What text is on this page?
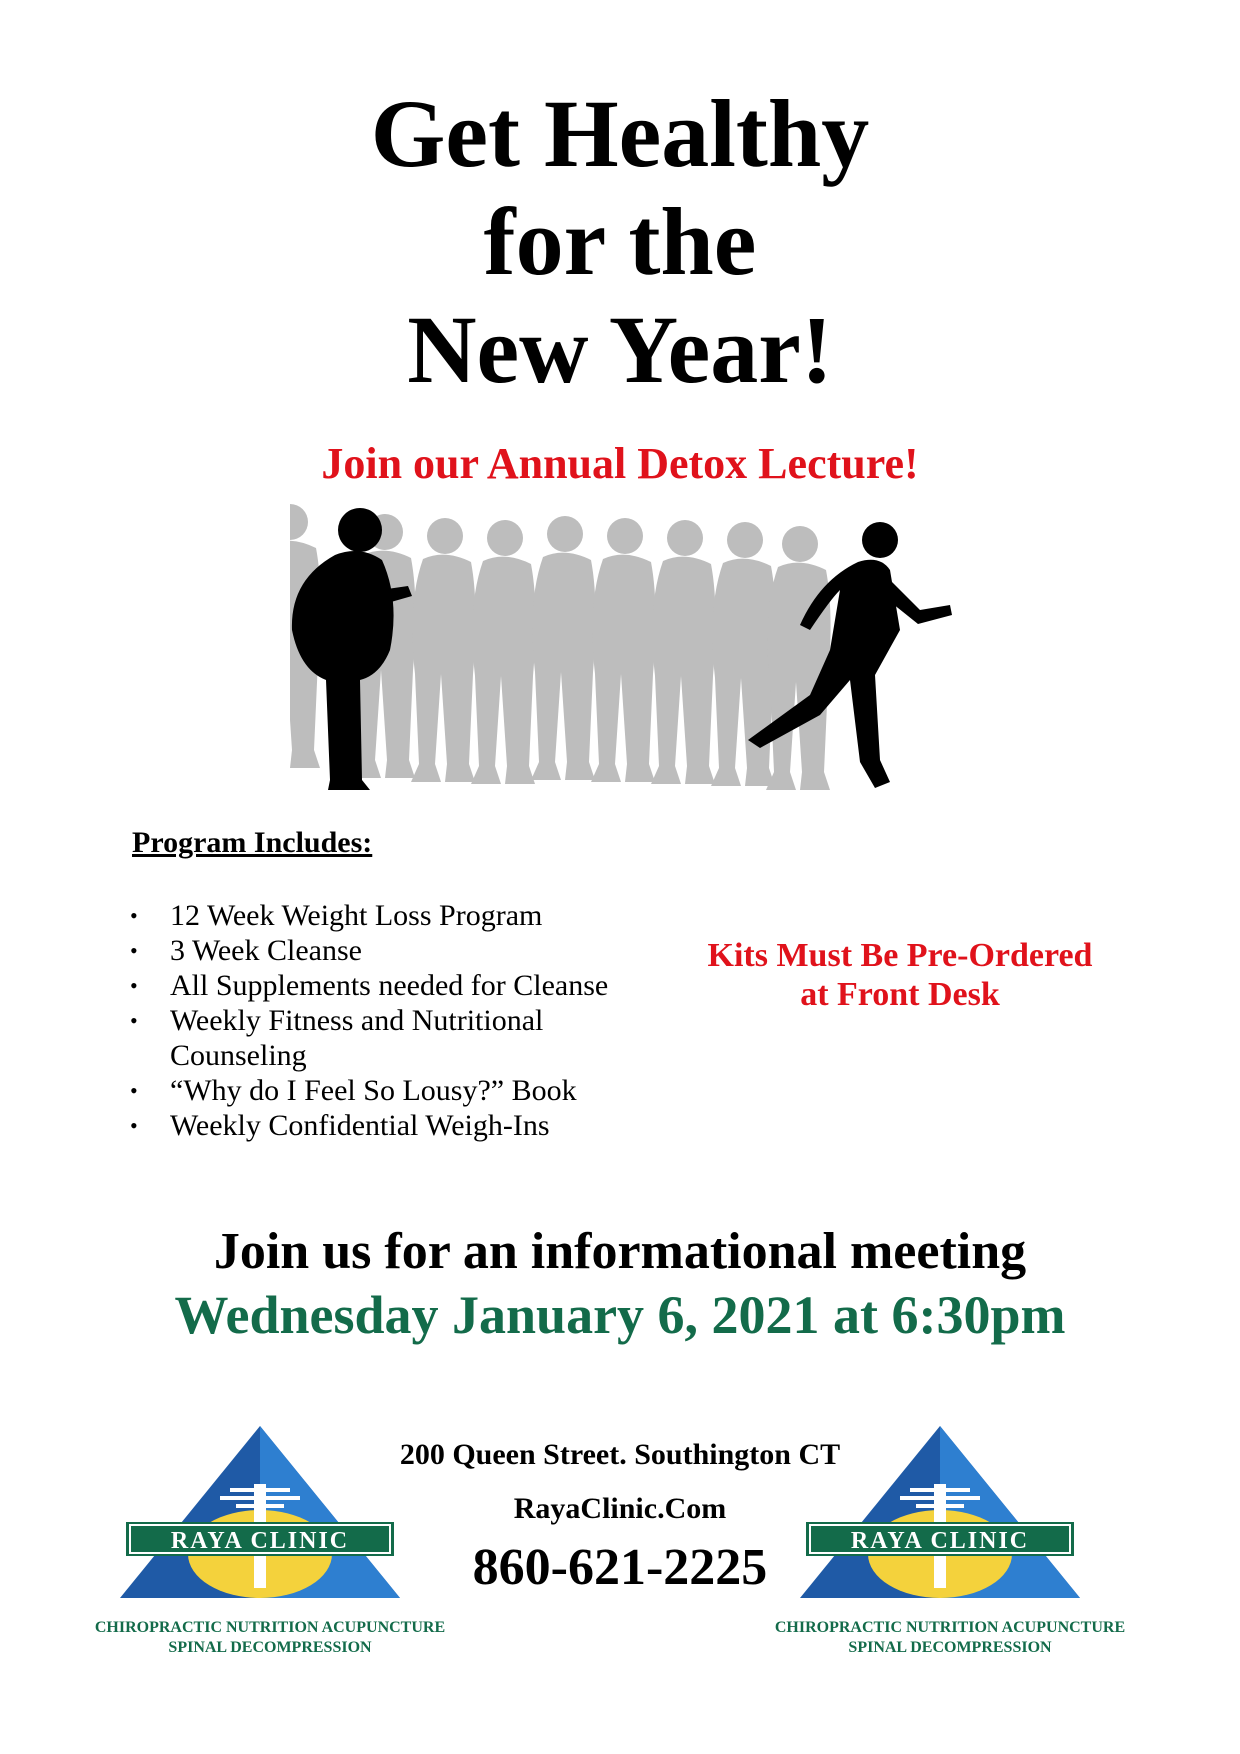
Get Healthy
for the
New Year!
Join our Annual Detox Lecture!
Program Includes:
• 12 Week Weight Loss Program
• 3 Week Cleanse
• All Supplements needed for Cleanse
• Weekly Fitness and Nutritional Counseling
• “Why do I Feel So Lousy?” Book
• Weekly Confidential Weigh-Ins
Kits Must Be Pre-Ordered
at Front Desk
Join us for an informational meeting
Wednesday January 6, 2021 at 6:30pm
200 Queen Street. Southington CT
RayaClinic.Com
860-621-2225
RAYA CLINIC
CHIROPRACTIC NUTRITION ACUPUNCTURE
SPINAL DECOMPRESSION
RAYA CLINIC
CHIROPRACTIC NUTRITION ACUPUNCTURE
SPINAL DECOMPRESSION
